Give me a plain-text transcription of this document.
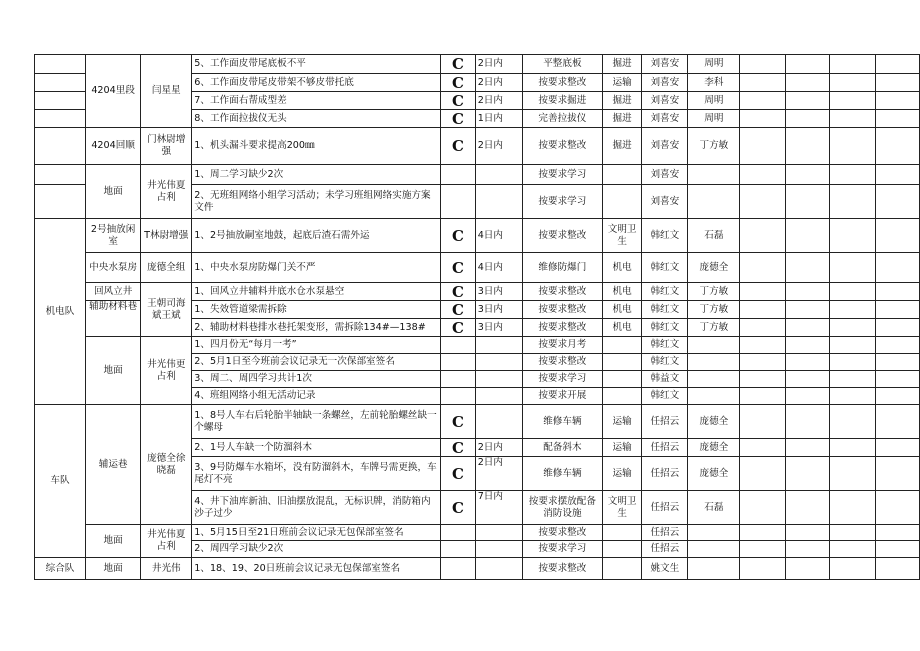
	4204里段	闫星星	5、工作面皮带尾底板不平	C	2日内	平整底板	掘进	刘喜安	周明				
			6、工作面皮带尾皮带架不够皮带托底	C	2日内	按要求整改	运输	刘喜安	李科				
			7、工作面右帮成型差	C	2日内	按要求掘进	掘进	刘喜安	周明				
			8、工作面拉拔仪无头	C	1日内	完善拉拔仪	掘进	刘喜安	周明				
	4204回顺	门林尉增强	1、机头漏斗要求提高200㎜	C	2日内	按要求整改	掘进	刘喜安	丁方敏				
	地面	井光伟夏占利	1、周二学习缺少2次			按要求学习		刘喜安					
			2、无班组网络小组学习活动；未学习班组网络实施方案文件			按要求学习		刘喜安					
机电队	2号抽放闲室	T林尉增强	1、2号抽放嗣室地鼓，起底后渣石需外运	C	4日内	按要求整改	文明卫生	韩红文	石磊				
	中央水泵房	庞德全组	1、中央水泵房防爆门关不严	C	4日内	维修防爆门	机电	韩红文	庞德全				
	回风立井	王朝司海斌王斌	1、回风立井辅料井底水仓水泵悬空	C	3日内	按要求整改	机电	韩红文	丁方敏				
	辅助材料巷		1、失效管道梁需拆除	C	3日内	按要求整改	机电	韩红文	丁方敏				
			2、辅助材料巷排水巷托架变形，需拆除134#—138#	C	3日内	按要求整改	机电	韩红文	丁方敏				
	地面	井光伟更占利	1、四月份无“每月一考”			按要求月考		韩红文					
			2、5月1日至今班前会议记录无一次保部室签名			按要求整改		韩红文					
			3、周二、周四学习共计1次			按要求学习		韩益文					
			4、班组网络小组无活动记录			按要求开展		韩红文					
车队	辅运巷	庞德全徐晓磊	1、8号人车右后轮胎半轴缺一条螺丝，左前轮胎螺丝缺一个螺母	C		维修车辆	运输	任招云	庞德全				
			2、1号人车缺一个防溜斜木	C	2日内	配备斜木	运输	任招云	庞德全				
			3、9号防爆车水箱坏，没有防溜斜木，车牌号需更换，车尾灯不亮	C	2日内	维修车辆	运输	任招云	庞德全				
			4、井下油库新油、旧油摆放混乱，无标识牌，消防箱内沙子过少	C	7日内	按要求摆放配备消防设施	文明卫生	任招云	石磊				
	地面	井光伟夏占利	1、5月15日至21日班前会议记录无包保部室签名			按要求整改		任招云					
			2、周四学习缺少2次			按要求学习		任招云					
综合队	地面	井光伟	1、18、19、20日班前会议记录无包保部室签名			按要求整改		姚文生					
